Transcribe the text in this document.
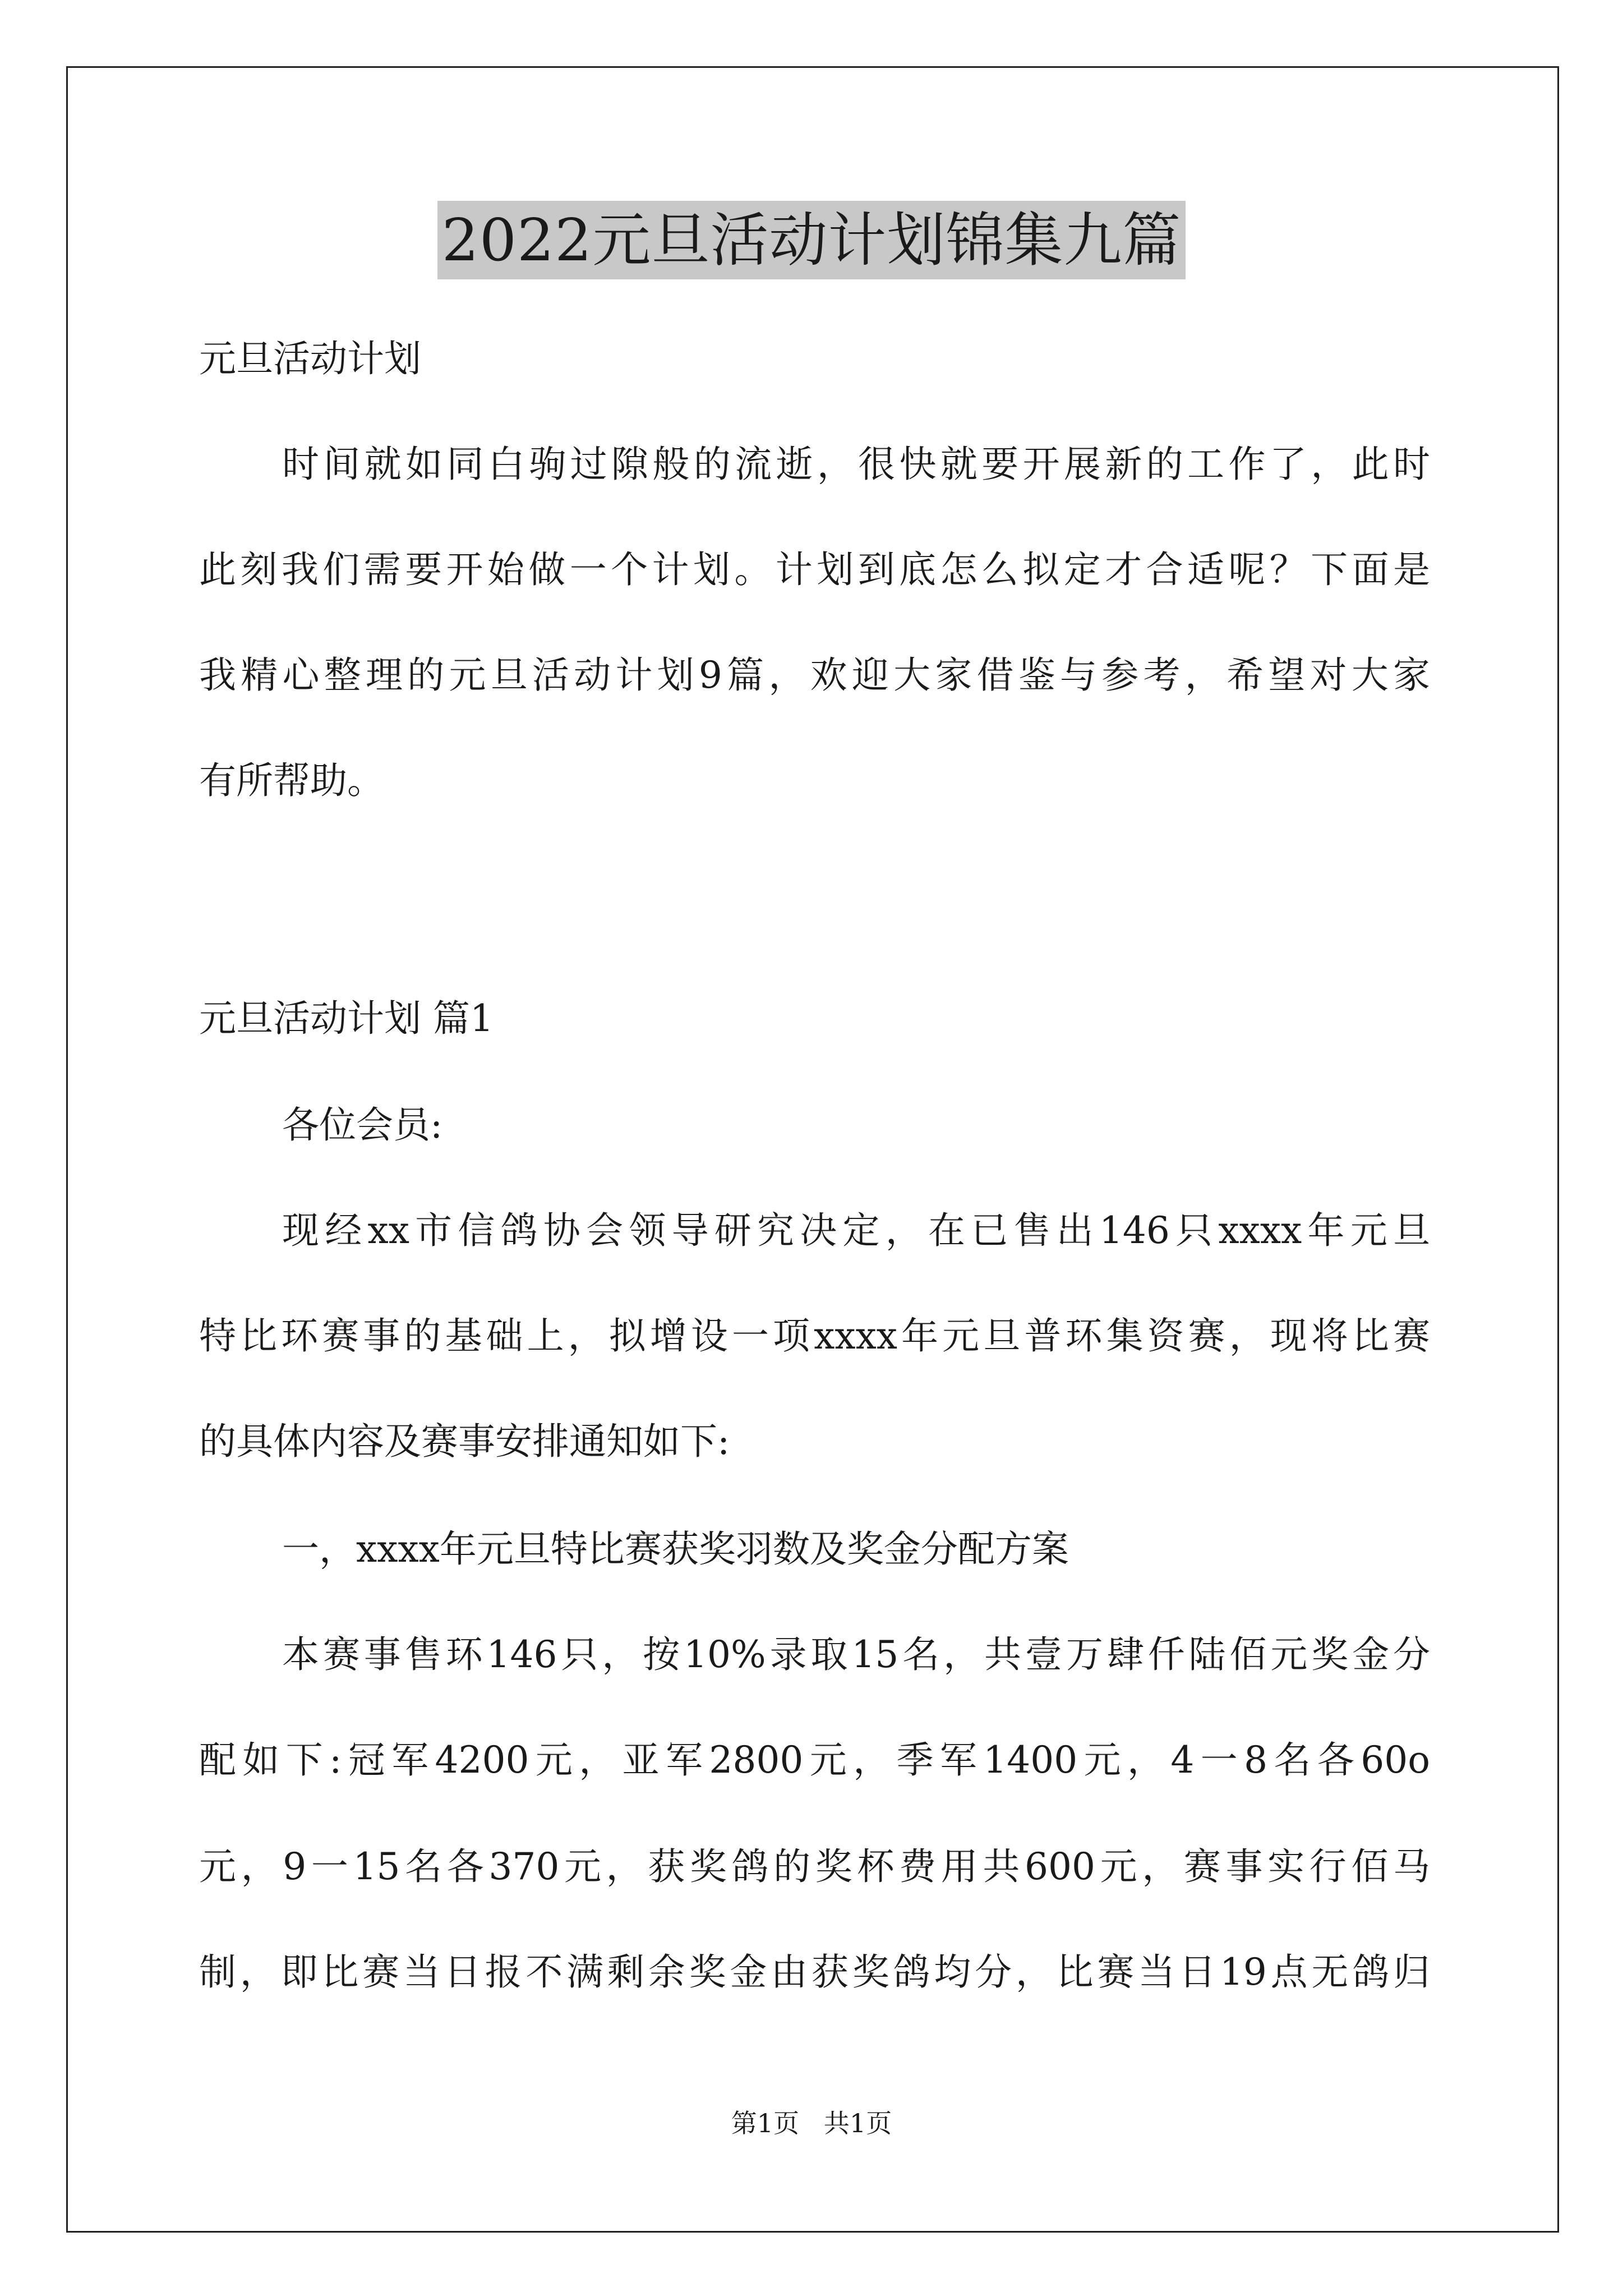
2022元旦活动计划锦集九篇
元旦活动计划
时间就如同白驹过隙般的流逝，很快就要开展新的工作了，此时
此刻我们需要开始做一个计划。计划到底怎么拟定才合适呢？下面是
我精心整理的元旦活动计划9篇，欢迎大家借鉴与参考，希望对大家
有所帮助。
元旦活动计划 篇1
各位会员:
现经xx市信鸽协会领导研究决定，在已售出146只xxxx年元旦
特比环赛事的基础上，拟增设一项xxxx年元旦普环集资赛，现将比赛
的具体内容及赛事安排通知如下:
一，xxxx年元旦特比赛获奖羽数及奖金分配方案
本赛事售环146只，按10%录取15名，共壹万肆仟陆佰元奖金分
配如下:冠军4200元，亚军2800元，季军1400元，4一8名各60o
元，9一15名各370元，获奖鸽的奖杯费用共600元，赛事实行佰马
制，即比赛当日报不满剩余奖金由获奖鸽均分，比赛当日19点无鸽归
第1页   共1页
